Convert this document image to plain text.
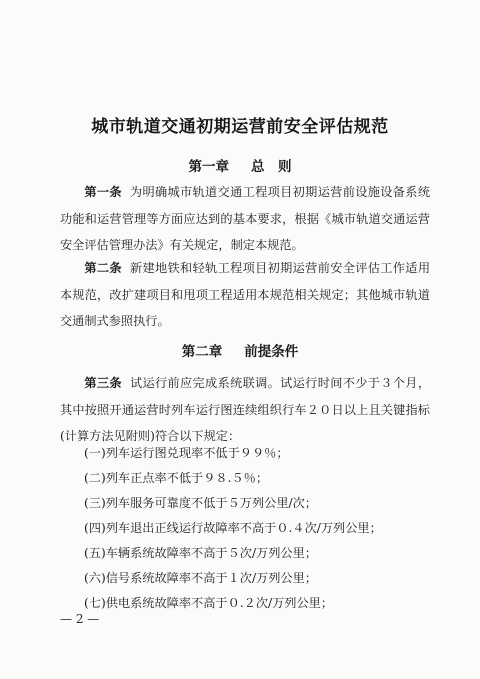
城市轨道交通初期运营前安全评估规范
第一章 总　则
第一条 为明确城市轨道交通工程项目初期运营前设施设备系统功能和运营管理等方面应达到的基本要求，根据《城市轨道交通运营安全评估管理办法》有关规定，制定本规范。
第二条 新建地铁和轻轨工程项目初期运营前安全评估工作适用本规范，改扩建项目和甩项工程适用本规范相关规定；其他城市轨道交通制式参照执行。
第二章 前提条件
第三条 试运行前应完成系统联调。试运行时间不少于３个月，其中按照开通运营时列车运行图连续组织行车２０日以上且关键指标(计算方法见附则)符合以下规定：
(一)列车运行图兑现率不低于９９％；
(二)列车正点率不低于９８.５％；
(三)列车服务可靠度不低于５万列公里/次；
(四)列车退出正线运行故障率不高于０.４次/万列公里；
(五)车辆系统故障率不高于５次/万列公里；
(六)信号系统故障率不高于１次/万列公里；
(七)供电系统故障率不高于０.２次/万列公里；
— 2 —
